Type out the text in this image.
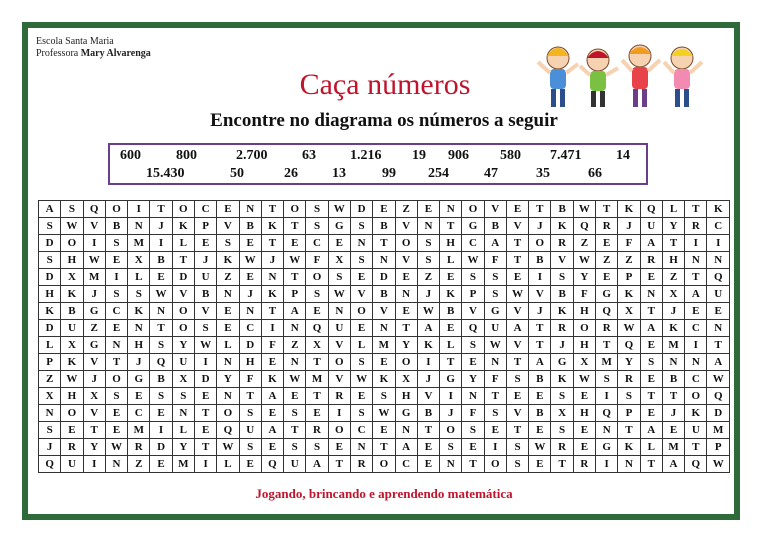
Escola Santa Maria
Professora Mary Alvarenga
Caça números
Encontre no diagrama os números a seguir
600	800	2.700 63 1.216 19 906 580 7.471 14
15.430	50	26 13	99 254	47	35	66
A	S	Q	O	I	T	O	C	E	N	T	O	S	W	D	E	Z	E	N	O	V	E	T	B	W	T	K	Q	L	T	K
S	W	V	B	N	J	K	P	V	B	K	T	S	G	S	B	V	N	T	G	B	V	J	K	Q	R	J	U	Y	R	C
D	O	I	S	M	I	L	E	S	E	T	E	C	E	N	T	O	S	H	C	A	T	O	R	Z	E	F	A	T	I	I
S	H	W	E	X	B	T	J	K	W	J	W	F	X	S	N	V	S	L	W	F	T	B	V	W	Z	Z	R	H	N	N
D	X	M	I	L	E	D	U	Z	E	N	T	O	S	E	D	E	Z	E	S	S	E	I	S	Y	E	P	E	Z	T	Q
H	K	J	S	S	W	V	B	N	J	K	P	S	W	V	B	N	J	K	P	S	W	V	B	F	G	K	N	X	A	U
K	B	G	C	K	N	O	V	E	N	T	A	E	N	O	V	E	W	B	V	G	V	J	K	H	Q	X	T	J	E	E
D	U	Z	E	N	T	O	S	E	C	I	N	Q	U	E	N	T	A	E	Q	U	A	T	R	O	R	W	A	K	C	N
L	X	G	N	H	S	Y	W	L	D	F	Z	X	V	L	M	Y	K	L	S	W	V	T	J	H	T	Q	E	M	I	T
P	K	V	T	J	Q	U	I	N	H	E	N	T	O	S	E	O	I	T	E	N	T	A	G	X	M	Y	S	N	N	A
Z	W	J	O	G	B	X	D	Y	F	K	W	M	V	W	K	X	J	G	Y	F	S	B	K	W	S	R	E	B	C	W
X	H	X	S	E	S	S	E	N	T	A	E	T	R	E	S	H	V	I	N	T	E	E	S	E	I	S	T	T	O	Q
N	O	V	E	C	E	N	T	O	S	E	S	E	I	S	W	G	B	J	F	S	V	B	X	H	Q	P	E	J	K	D
S	E	T	E	M	I	L	E	Q	U	A	T	R	O	C	E	N	T	O	S	E	T	E	S	E	N	T	A	E	U	M
J	R	Y	W	R	D	Y	T	W	S	E	S	S	E	N	T	A	E	S	E	I	S	W	R	E	G	K	L	M	T	P
Q	U	I	N	Z	E	M	I	L	E	Q	U	A	T	R	O	C	E	N	T	O	S	E	T	R	I	N	T	A	Q	W
Jogando, brincando e aprendendo matemática
